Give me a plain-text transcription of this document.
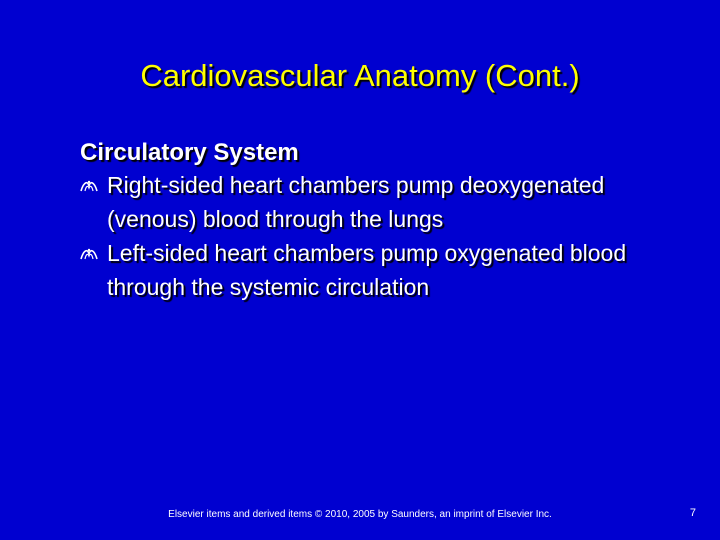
Cardiovascular Anatomy (Cont.)

Circulatory System

Right-sided heart chambers pump deoxygenated (venous) blood through the lungs
Left-sided heart chambers pump oxygenated blood through the systemic circulation
Elsevier items and derived items © 2010, 2005 by Saunders, an imprint of Elsevier Inc.	7
